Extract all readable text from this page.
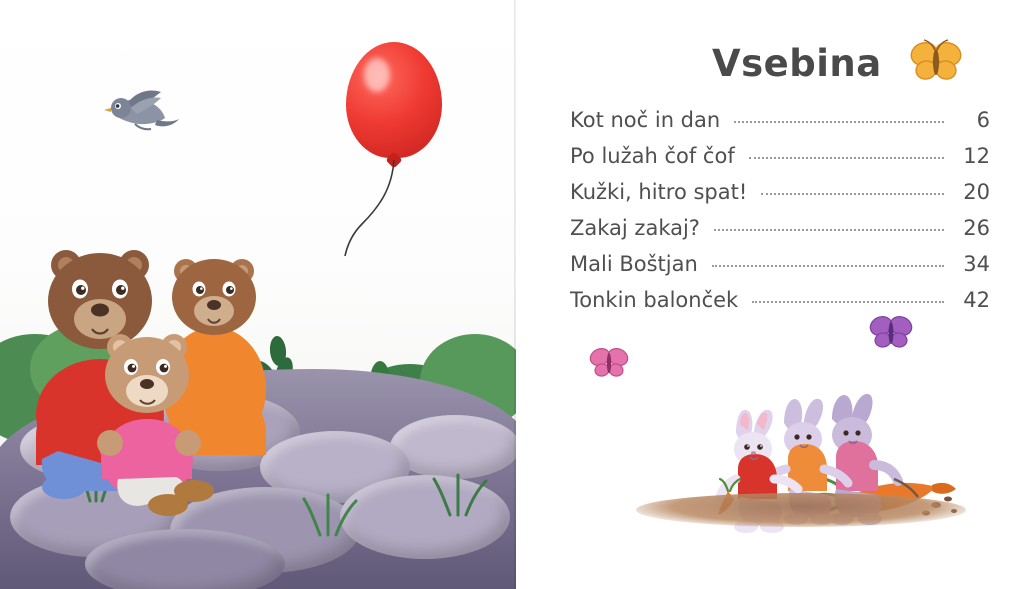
Vsebina
Kot noč in dan	6
Po lužah čof čof	12
Kužki, hitro spat!	20
Zakaj zakaj?	26
Mali Boštjan	34
Tonkin balonček	42
